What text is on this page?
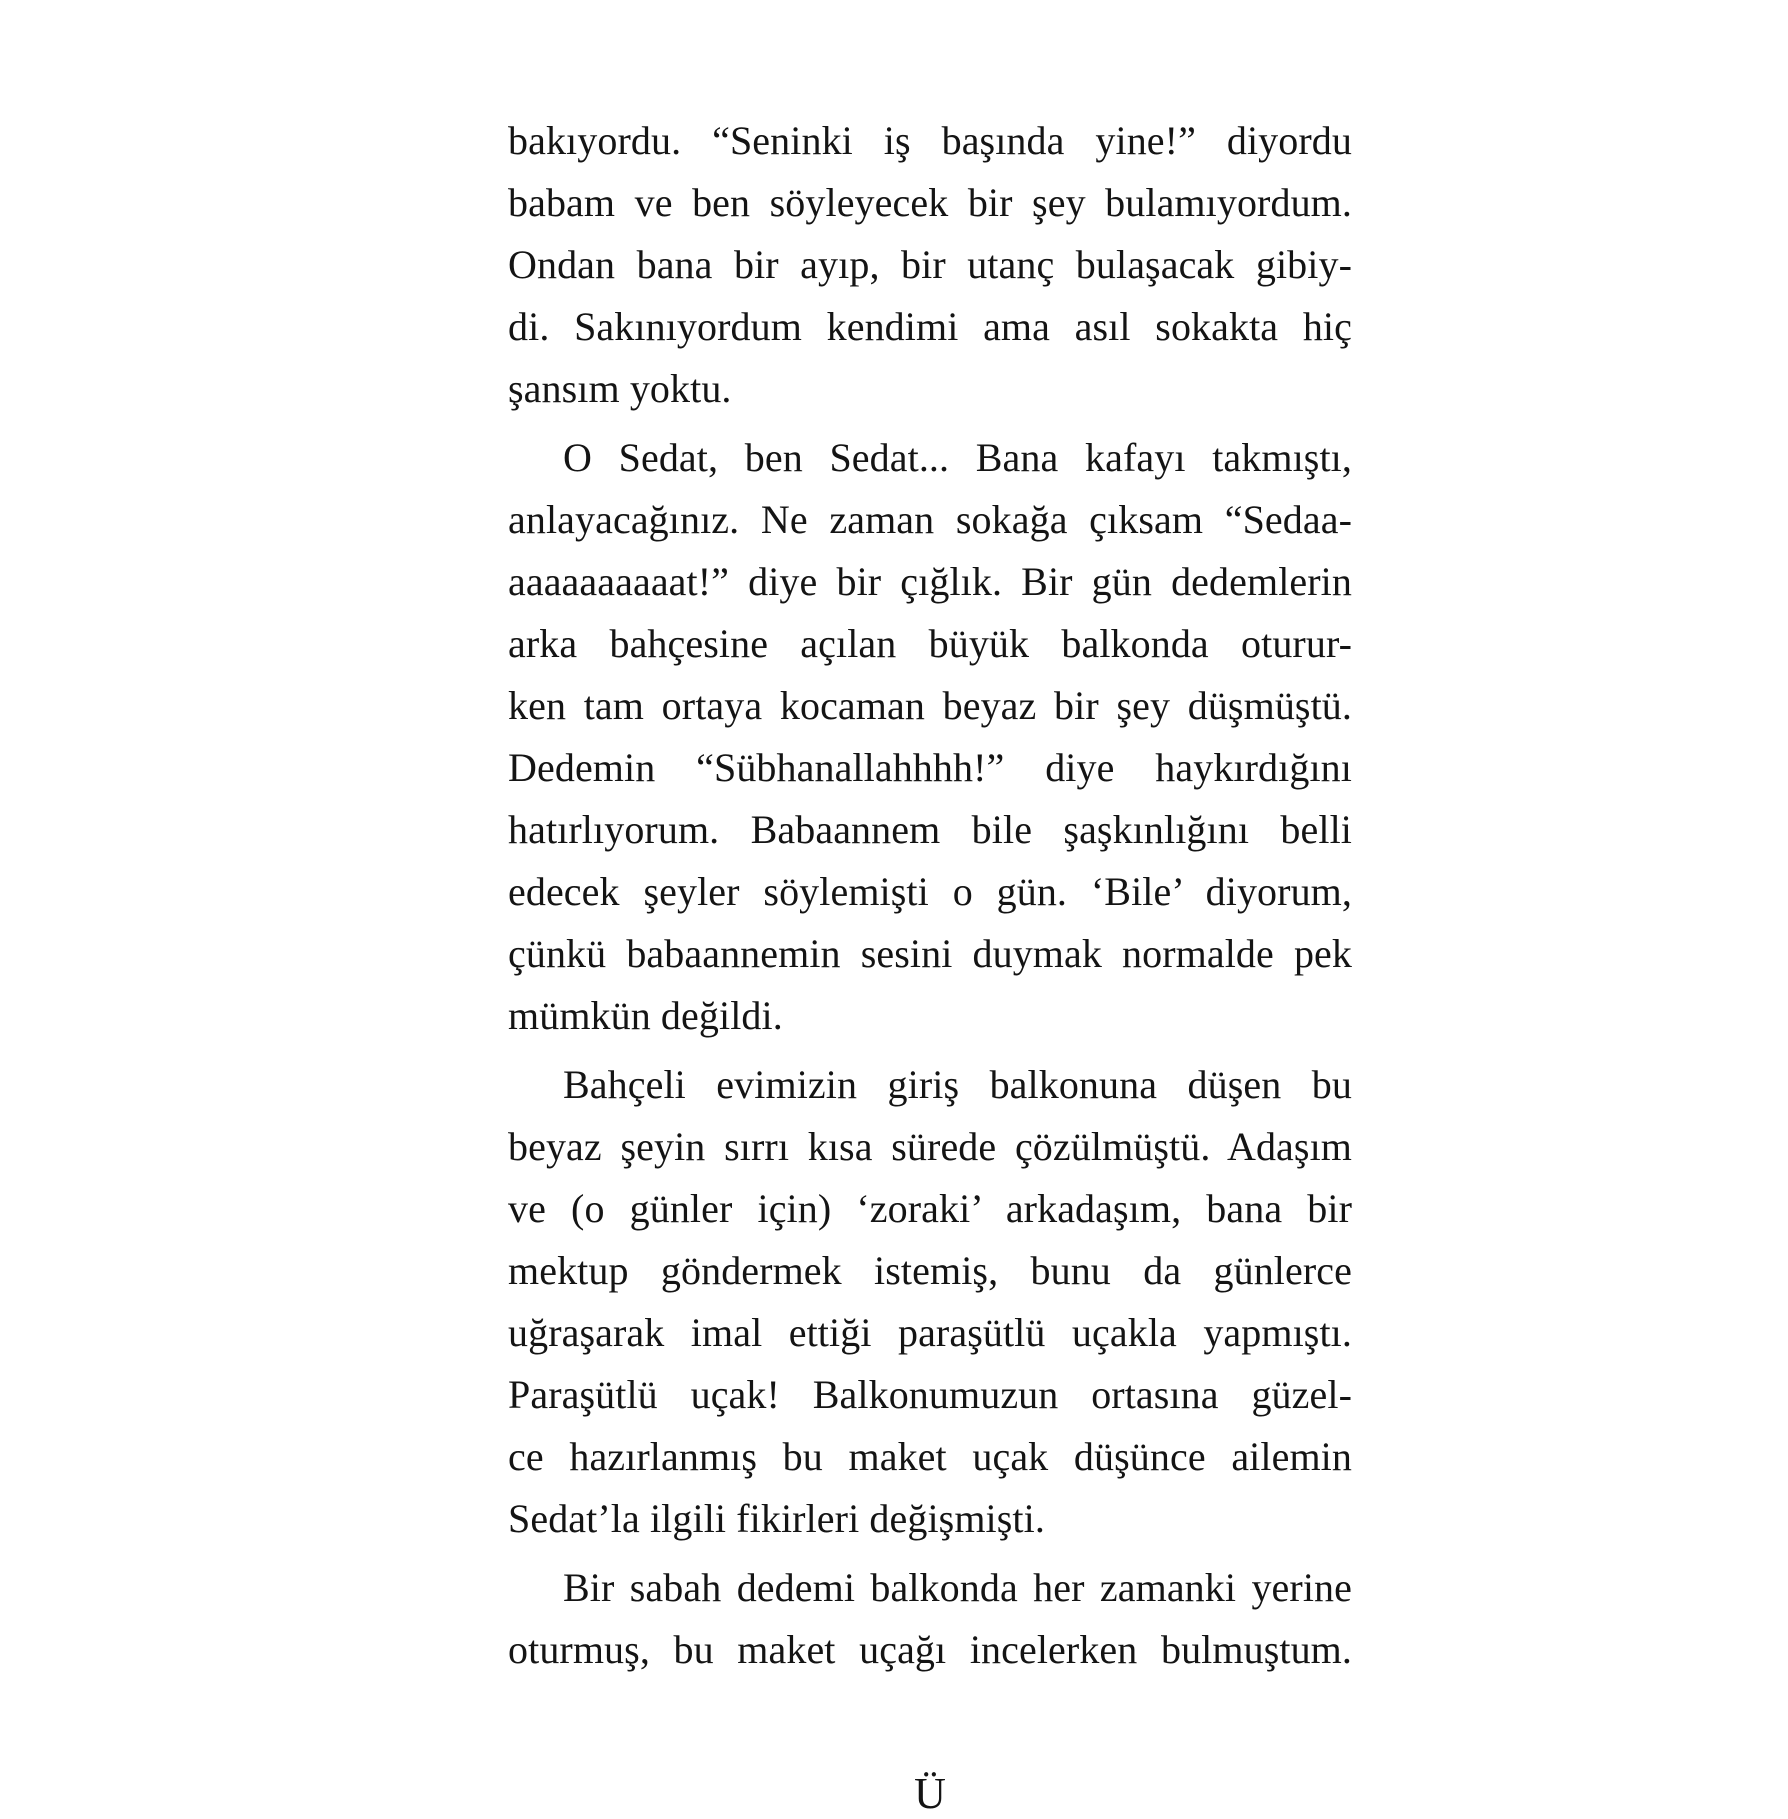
bakıyordu. “Seninki iş başında yine!” diyordu
babam ve ben söyleyecek bir şey bulamıyordum.
Ondan bana bir ayıp, bir utanç bulaşacak gibiy-
di. Sakınıyordum kendimi ama asıl sokakta hiç
şansım yoktu.
O Sedat, ben Sedat... Bana kafayı takmıştı,
anlayacağınız. Ne zaman sokağa çıksam “Sedaa-
aaaaaaaaaat!” diye bir çığlık. Bir gün dedemlerin
arka bahçesine açılan büyük balkonda oturur-
ken tam ortaya kocaman beyaz bir şey düşmüştü.
Dedemin “Sübhanallahhhh!” diye haykırdığını
hatırlıyorum. Babaannem bile şaşkınlığını belli
edecek şeyler söylemişti o gün. ‘Bile’ diyorum,
çünkü babaannemin sesini duymak normalde pek
mümkün değildi.
Bahçeli evimizin giriş balkonuna düşen bu
beyaz şeyin sırrı kısa sürede çözülmüştü. Adaşım
ve (o günler için) ‘zoraki’ arkadaşım, bana bir
mektup göndermek istemiş, bunu da günlerce
uğraşarak imal ettiği paraşütlü uçakla yapmıştı.
Paraşütlü uçak! Balkonumuzun ortasına güzel-
ce hazırlanmış bu maket uçak düşünce ailemin
Sedat’la ilgili fikirleri değişmişti.
Bir sabah dedemi balkonda her zamanki yerine
oturmuş, bu maket uçağı incelerken bulmuştum.
Ü
